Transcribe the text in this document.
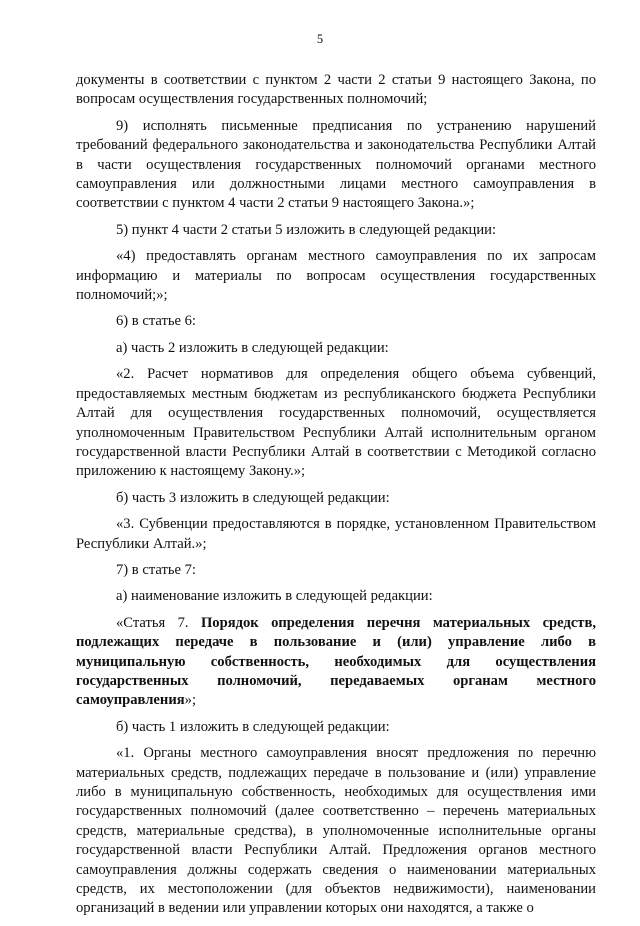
5

документы в соответствии с пунктом 2 части 2 статьи 9 настоящего Закона, по вопросам осуществления государственных полномочий;

9) исполнять письменные предписания по устранению нарушений требований федерального законодательства и законодательства Республики Алтай в части осуществления государственных полномочий органами местного самоуправления или должностными лицами местного самоуправления в соответствии с пунктом 4 части 2 статьи 9 настоящего Закона.»;

5) пункт 4 части 2 статьи 5 изложить в следующей редакции:

«4) предоставлять органам местного самоуправления по их запросам информацию и материалы по вопросам осуществления государственных полномочий;»;

6) в статье 6:

а) часть 2 изложить в следующей редакции:

«2. Расчет нормативов для определения общего объема субвенций, предоставляемых местным бюджетам из республиканского бюджета Республики Алтай для осуществления государственных полномочий, осуществляется уполномоченным Правительством Республики Алтай исполнительным органом государственной власти Республики Алтай в соответствии с Методикой согласно приложению к настоящему Закону.»;

б) часть 3 изложить в следующей редакции:

«3. Субвенции предоставляются в порядке, установленном Правительством Республики Алтай.»;

7) в статье 7:

а) наименование изложить в следующей редакции:

«Статья 7. Порядок определения перечня материальных средств, подлежащих передаче в пользование и (или) управление либо в муниципальную собственность, необходимых для осуществления государственных полномочий, передаваемых органам местного самоуправления»;

б) часть 1 изложить в следующей редакции:

«1. Органы местного самоуправления вносят предложения по перечню материальных средств, подлежащих передаче в пользование и (или) управление либо в муниципальную собственность, необходимых для осуществления ими государственных полномочий (далее соответственно – перечень материальных средств, материальные средства), в уполномоченные исполнительные органы государственной власти Республики Алтай. Предложения органов местного самоуправления должны содержать сведения о наименовании материальных средств, их местоположении (для объектов недвижимости), наименовании организаций в ведении или управлении которых они находятся, а также о
